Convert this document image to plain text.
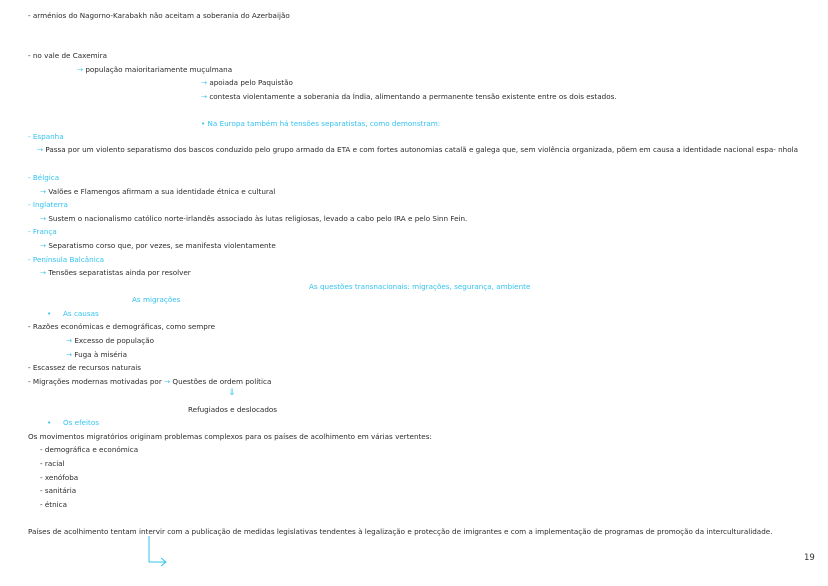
- arménios do Nagorno-Karabakh não aceitam a soberania do Azerbaijão
- no vale de Caxemira
→ população maioritariamente muçulmana
→ apoiada pelo Paquistão
→ contesta violentamente a soberania da Índia, alimentando a permanente tensão existente entre os dois estados.
• Na Europa também há tensões separatistas, como demonstram:
- Espanha
→ Passa por um violento separatismo dos bascos conduzido pelo grupo armado da ETA e com fortes autonomias catalã e galega que, sem violência organizada, põem em causa a identidade nacional espa- nhola
- Bélgica
→ Valões e Flamengos afirmam a sua identidade étnica e cultural
- Inglaterra
→ Sustem o nacionalismo católico norte-irlandês associado às lutas religiosas, levado a cabo pelo IRA e pelo Sinn Fein.
- França
→ Separatismo corso que, por vezes, se manifesta violentamente
- Península Balcânica
→ Tensões separatistas ainda por resolver
As questões transnacionais: migrações, segurança, ambiente
As migrações
• As causas
- Razões económicas e demográficas, como sempre
→ Excesso de população
→ Fuga à miséria
- Escassez de recursos naturais
- Migrações modernas motivadas por → Questões de ordem política
⇓
Refugiados e deslocados
• Os efeitos
Os movimentos migratórios originam problemas complexos para os países de acolhimento em várias vertentes:
- demográfica e económica
- racial
- xenófoba
- sanitária
- étnica
Países de acolhimento tentam intervir com a publicação de medidas legislativas tendentes à legalização e protecção de imigrantes e com a implementação de programas de promoção da interculturalidade.
19
